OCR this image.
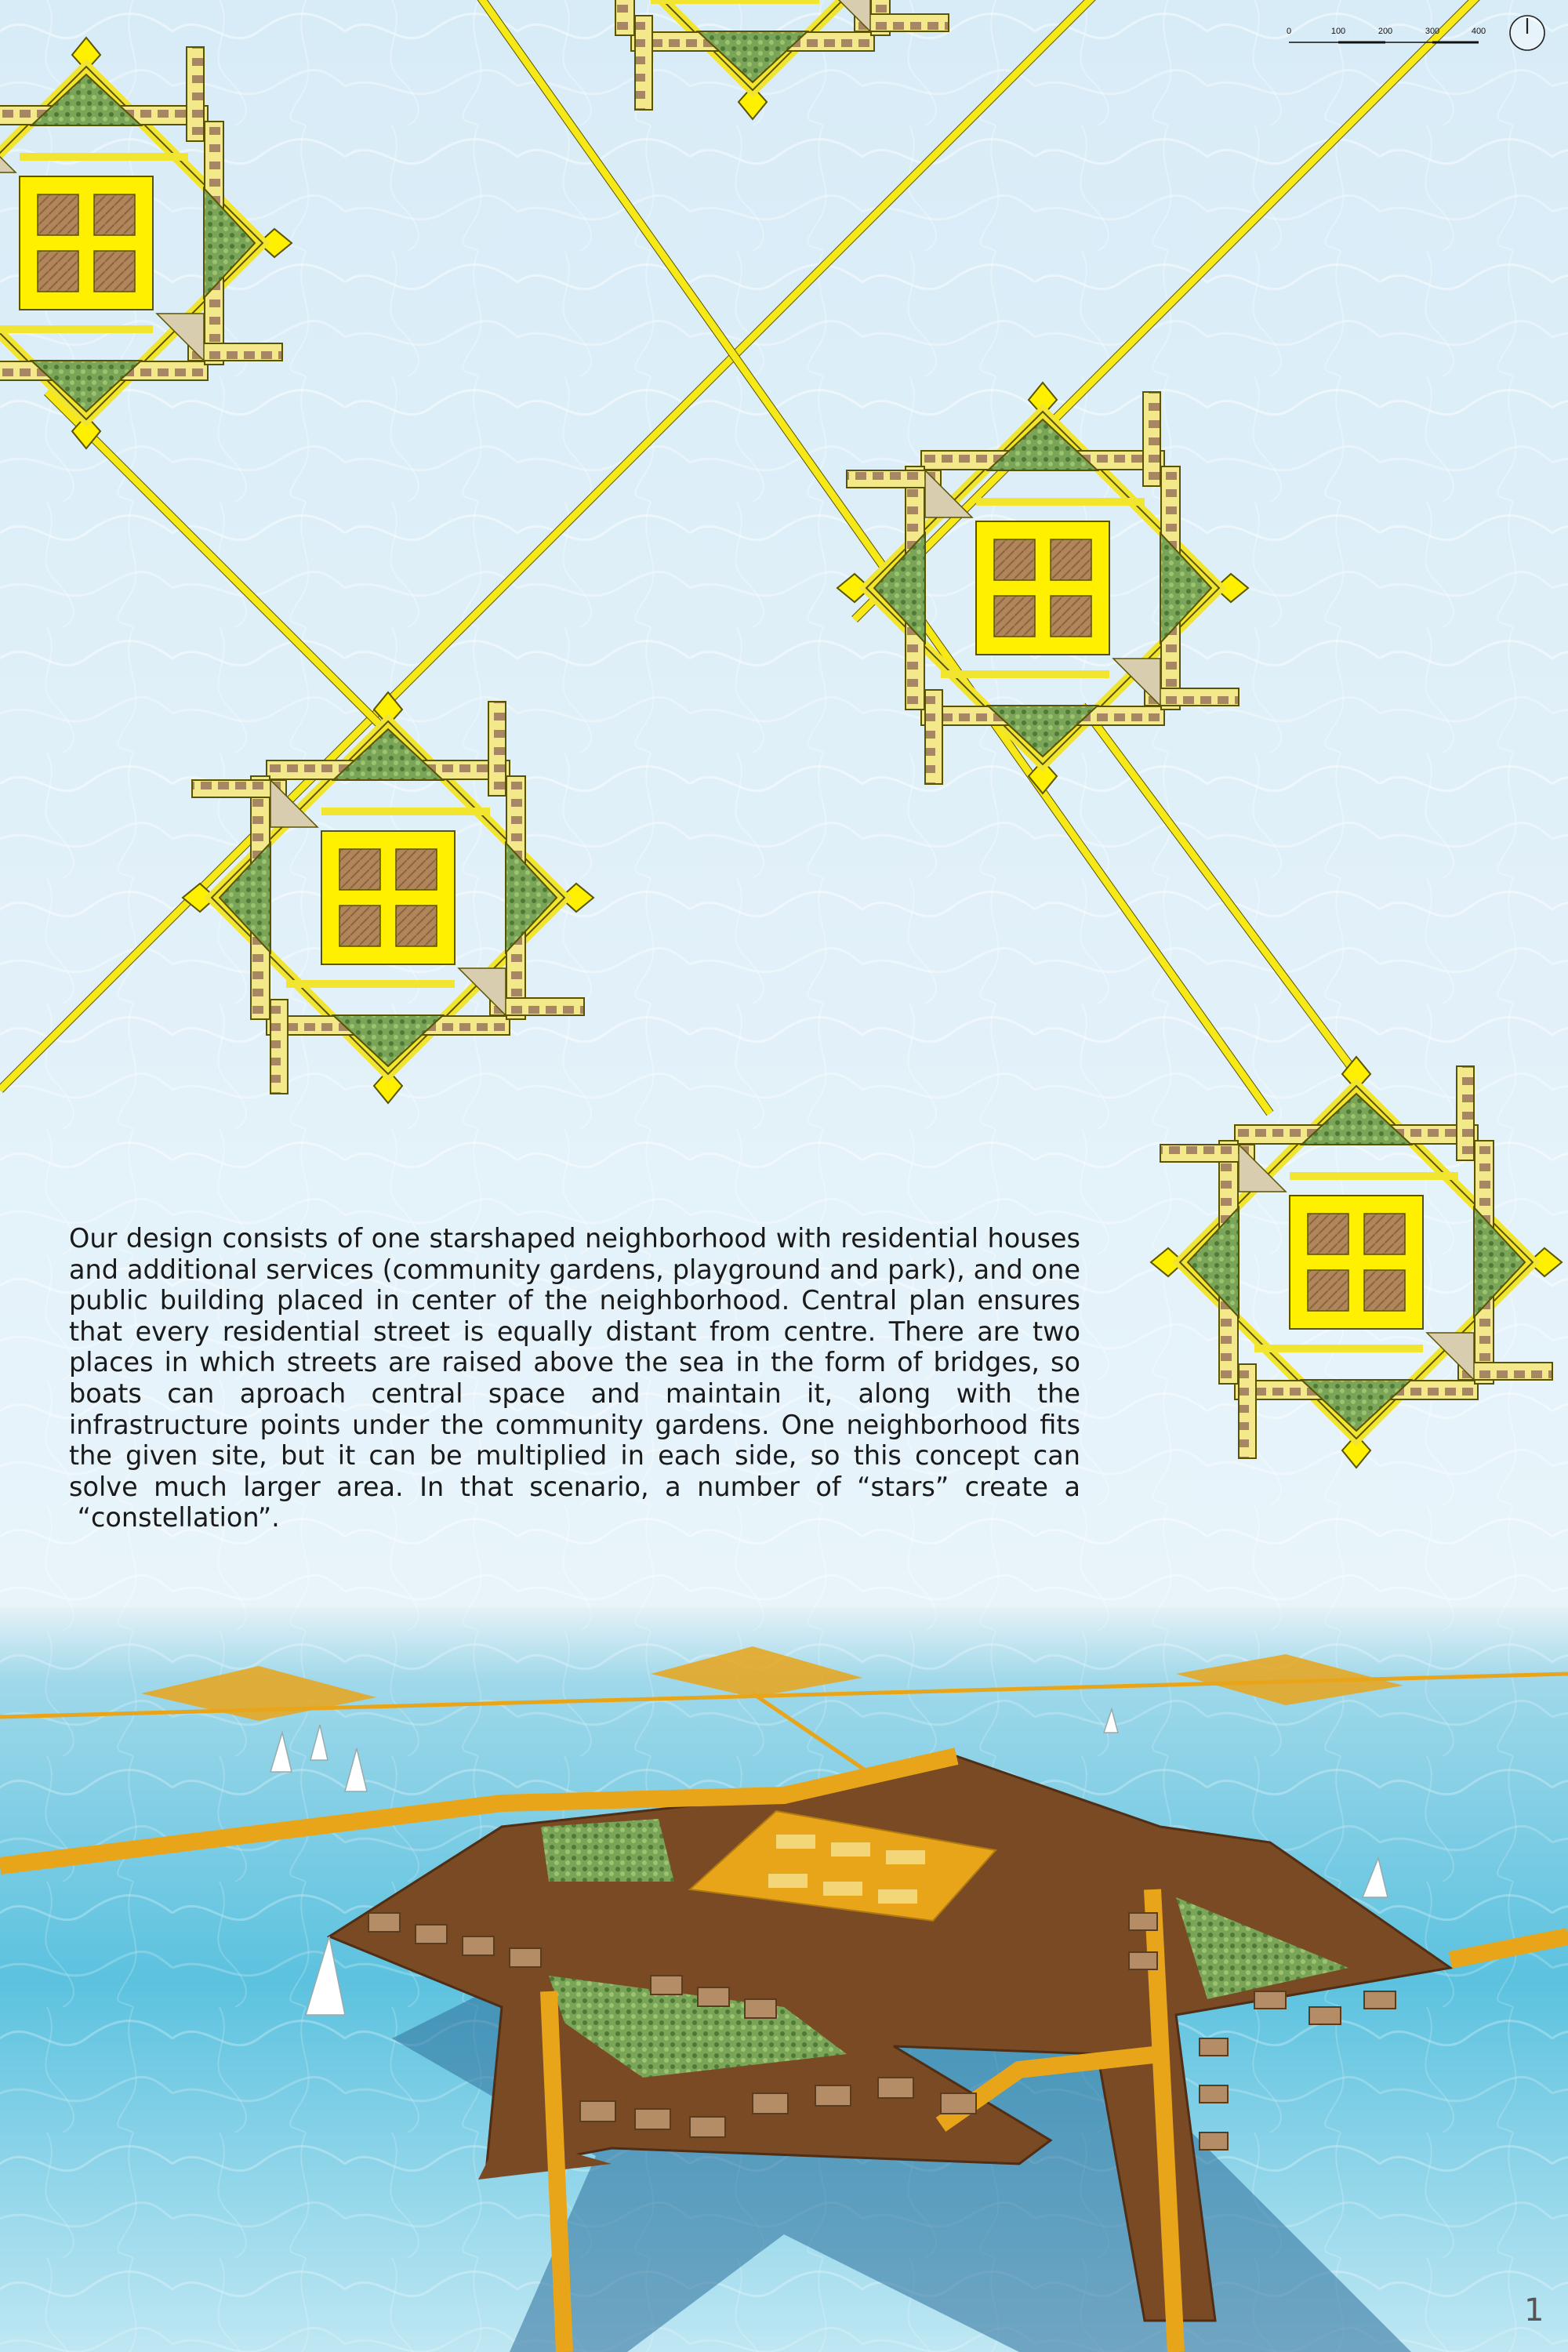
Our design consists of one starshaped neighborhood with residential houses and additional services (community gardens, playground and park), and one public building placed in center of the neighborhood. Central plan ensures that every residential street is equally distant from centre. There are two places in which streets are raised above the sea in the form of bridges, so boats can aproach central space and maintain it, along with the infrastructure points under the community gardens. One neighborhood fits the given site, but it can be multiplied in each side, so this concept can solve much larger area. In that scenario, a number of “stars” create a  “constellation”.

0	100	200	300	400
1
